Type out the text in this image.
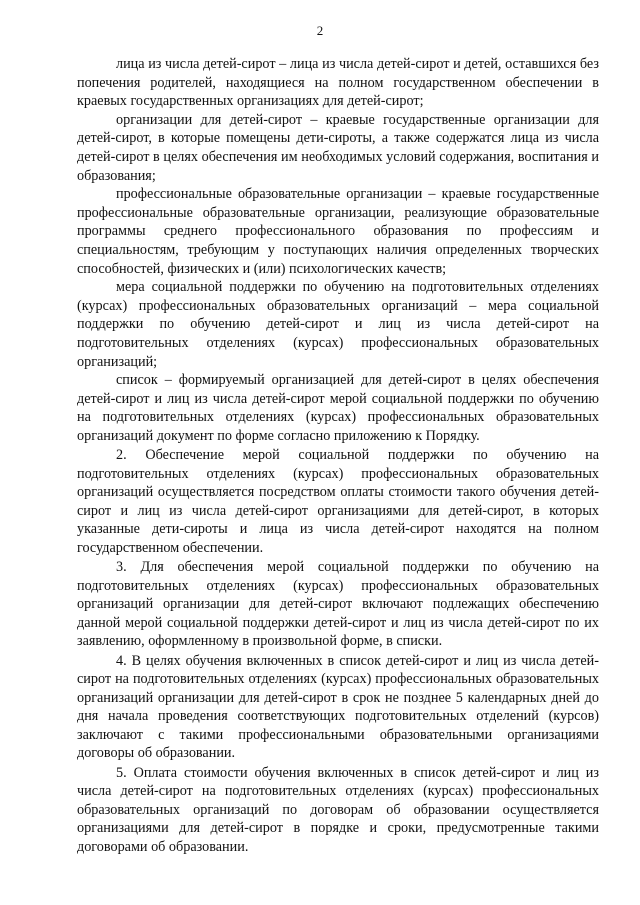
2

лица из числа детей-сирот – лица из числа детей-сирот и детей, оставшихся без попечения родителей, находящиеся на полном государственном обеспечении в краевых государственных организациях для детей-сирот;

организации для детей-сирот – краевые государственные организации для детей-сирот, в которые помещены дети-сироты, а также содержатся лица из числа детей-сирот в целях обеспечения им необходимых условий содержания, воспитания и образования;

профессиональные образовательные организации – краевые государственные профессиональные образовательные организации, реализующие образовательные программы среднего профессионального образования по профессиям и специальностям, требующим у поступающих наличия определенных творческих способностей, физических и (или) психологических качеств;

мера социальной поддержки по обучению на подготовительных отделениях (курсах) профессиональных образовательных организаций – мера социальной поддержки по обучению детей-сирот и лиц из числа детей-сирот на подготовительных отделениях (курсах) профессиональных образовательных организаций;

список – формируемый организацией для детей-сирот в целях обеспечения детей-сирот и лиц из числа детей-сирот мерой социальной поддержки по обучению на подготовительных отделениях (курсах) профессиональных образовательных организаций документ по форме согласно приложению к Порядку.

2. Обеспечение мерой социальной поддержки по обучению на подготовительных отделениях (курсах) профессиональных образовательных организаций осуществляется посредством оплаты стоимости такого обучения детей-сирот и лиц из числа детей-сирот организациями для детей-сирот, в которых указанные дети-сироты и лица из числа детей-сирот находятся на полном государственном обеспечении.

3. Для обеспечения мерой социальной поддержки по обучению на подготовительных отделениях (курсах) профессиональных образовательных организаций организации для детей-сирот включают подлежащих обеспечению данной мерой социальной поддержки детей-сирот и лиц из числа детей-сирот по их заявлению, оформленному в произвольной форме, в списки.

4. В целях обучения включенных в список детей-сирот и лиц из числа детей-сирот на подготовительных отделениях (курсах) профессиональных образовательных организаций организации для детей-сирот в срок не позднее 5 календарных дней до дня начала проведения соответствующих подготовительных отделений (курсов) заключают с такими профессиональными образовательными организациями договоры об образовании.

5. Оплата стоимости обучения включенных в список детей-сирот и лиц из числа детей-сирот на подготовительных отделениях (курсах) профессиональных образовательных организаций по договорам об образовании осуществляется организациями для детей-сирот в порядке и сроки, предусмотренные такими договорами об образовании.
